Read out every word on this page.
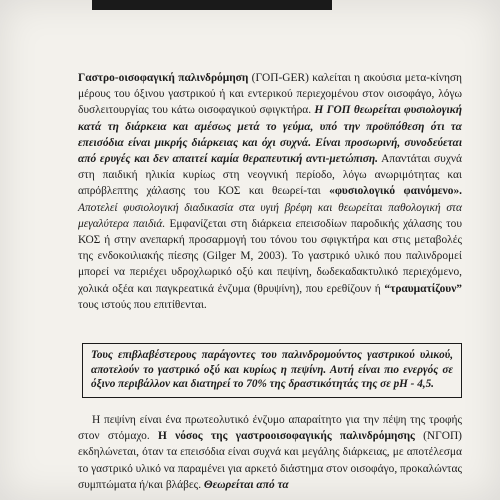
Γαστρο-οισοφαγική παλινδρόμηση (ΓΟΠ-GER) καλείται η ακούσια μετα-κίνηση μέρους του όξινου γαστρικού ή και εντερικού περιεχομένου στον οισοφάγο, λόγω δυσλειτουργίας του κάτω οισοφαγικού σφιγκτήρα. Η ΓΟΠ θεωρείται φυσιολογική κατά τη διάρκεια και αμέσως μετά το γεύμα, υπό την προϋπόθεση ότι τα επεισόδια είναι μικρής διάρκειας και όχι συχνά. Είναι προσωρινή, συνοδεύεται από ερυγές και δεν απαιτεί καμία θεραπευτική αντι-μετώπιση. Απαντάται συχνά στη παιδική ηλικία κυρίως στη νεογνική περίοδο, λόγω ανωριμότητας και απρόβλεπτης χάλασης του ΚΟΣ και θεωρεί-ται «φυσιολογικό φαινόμενο». Αποτελεί φυσιολογική διαδικασία στα υγιή βρέφη και θεωρείται παθολογική στα μεγαλύτερα παιδιά. Εμφανίζεται στη διάρκεια επεισοδίων παροδικής χάλασης του ΚΟΣ ή στην ανεπαρκή προσαρμογή του τόνου του σφιγκτήρα και στις μεταβολές της ενδοκοιλιακής πίεσης (Gilger M, 2003). Το γαστρικό υλικό που παλινδρομεί μπορεί να περιέχει υδροχλωρικό οξύ και πεψίνη, δωδεκαδακτυλικό περιεχόμενο, χολικά οξέα και παγκρεατικά ένζυμα (θρυψίνη), που ερεθίζουν ή “τραυματίζουν” τους ιστούς που επιτίθενται.

Τους επιβλαβέστερους παράγοντες του παλινδρομούντος γαστρικού υλικού, αποτελούν το γαστρικό οξύ και κυρίως η πεψίνη. Αυτή είναι πιο ενεργός σε όξινο περιβάλλον και διατηρεί το 70% της δραστικότητάς της σε pH - 4,5.

Η πεψίνη είναι ένα πρωτεολυτικό ένζυμο απαραίτητο για την πέψη της τροφής στον στόμαχο. Η νόσος της γαστροοισοφαγικής παλινδρόμησης (ΝΓΟΠ) εκδηλώνεται, όταν τα επεισόδια είναι συχνά και μεγάλης διάρκειας, με αποτέλεσμα το γαστρικό υλικό να παραμένει για αρκετό διάστημα στον οισοφάγο, προκαλώντας συμπτώματα ή/και βλάβες. Θεωρείται από τα
